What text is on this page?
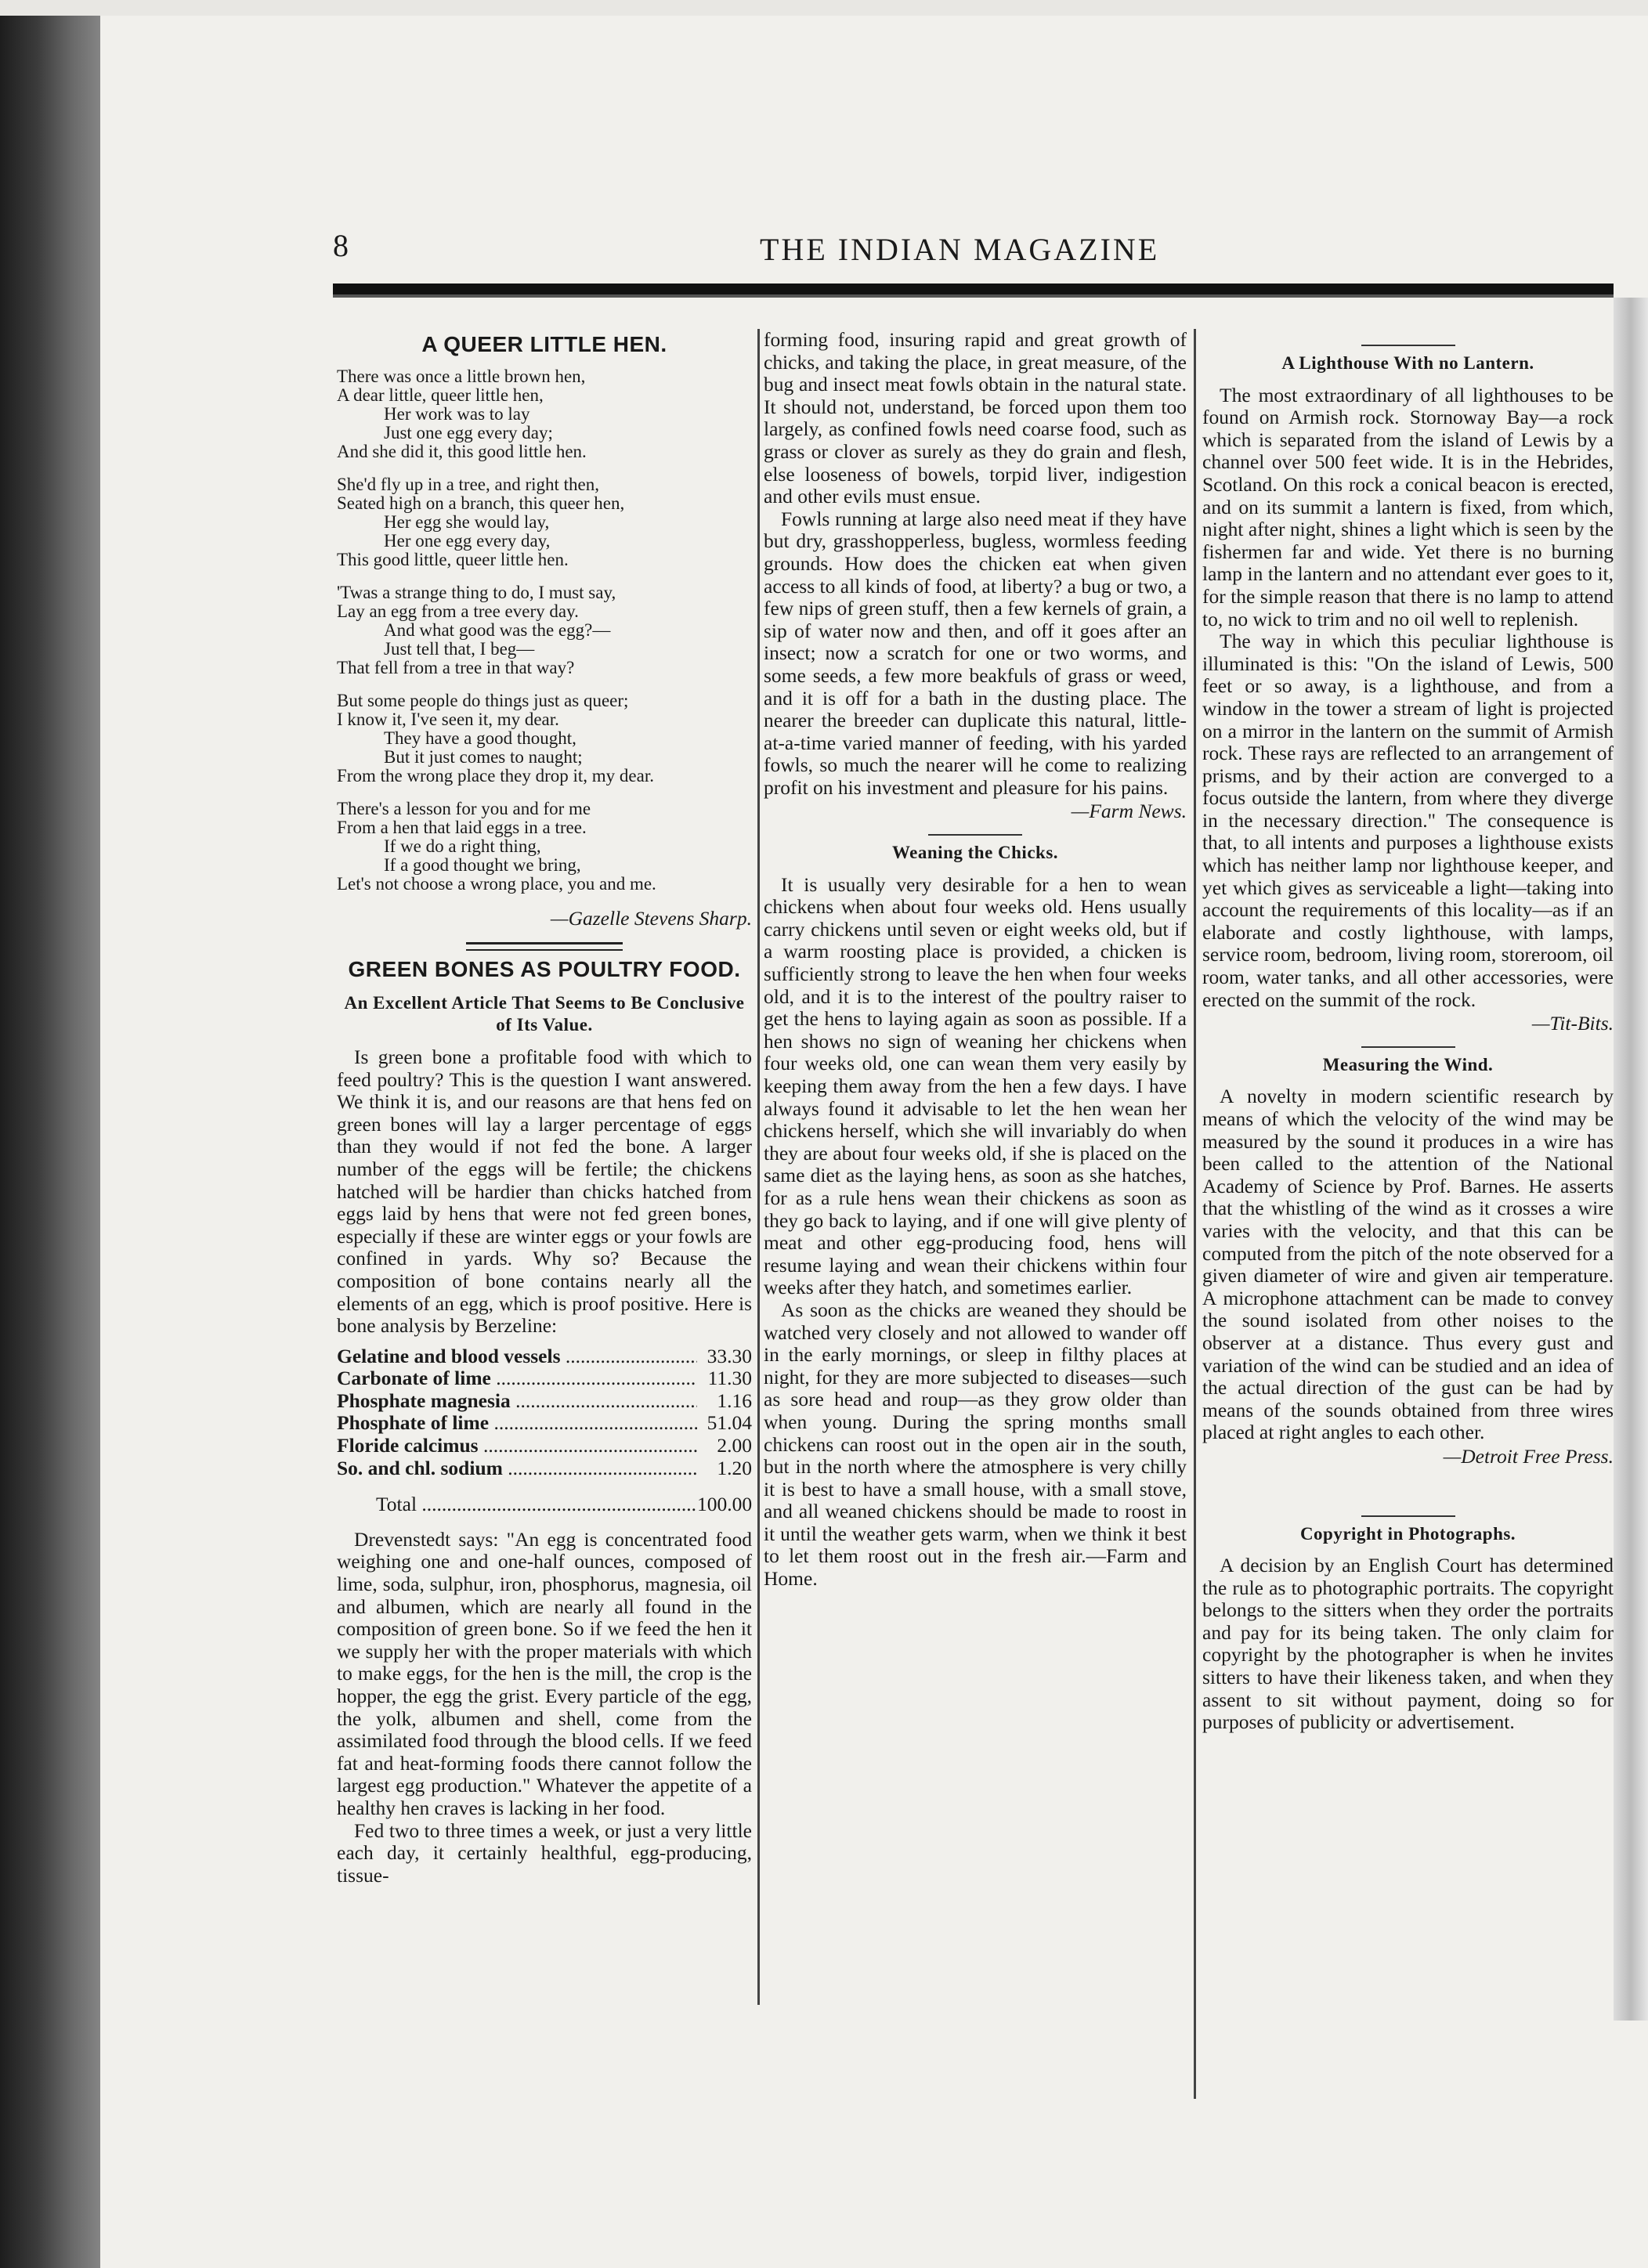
8	THE INDIAN MAGAZINE
A QUEER LITTLE HEN.
There was once a little brown hen,
A dear little, queer little hen,
Her work was to lay
Just one egg every day;
And she did it, this good little hen.
She'd fly up in a tree, and right then,
Seated high on a branch, this queer hen,
Her egg she would lay,
Her one egg every day,
This good little, queer little hen.
'Twas a strange thing to do, I must say,
Lay an egg from a tree every day.
And what good was the egg?—
Just tell that, I beg—
That fell from a tree in that way?
But some people do things just as queer;
I know it, I've seen it, my dear.
They have a good thought,
But it just comes to naught;
From the wrong place they drop it, my dear.
There's a lesson for you and for me
From a hen that laid eggs in a tree.
If we do a right thing,
If a good thought we bring,
Let's not choose a wrong place, you and me.
—Gazelle Stevens Sharp.
GREEN BONES AS POULTRY FOOD.
An Excellent Article That Seems to Be Conclusive of Its Value.

Is green bone a profitable food with which to feed poultry? This is the question I want answered. We think it is, and our reasons are that hens fed on green bones will lay a larger percentage of eggs than they would if not fed the bone. A larger number of the eggs will be fertile; the chickens hatched will be hardier than chicks hatched from eggs laid by hens that were not fed green bones, especially if these are winter eggs or your fowls are confined in yards. Why so? Because the composition of bone contains nearly all the elements of an egg, which is proof positive. Here is bone analysis by Berzeline:

Gelatine and blood vessels .....	33.30
Carbonate of lime .....	11.30
Phosphate magnesia .....	1.16
Phosphate of lime .....	51.04
Floride calcimus .....	2.00
So. and chl. sodium .....	1.20
Total .....	100.00

Drevenstedt says: "An egg is concentrated food weighing one and one-half ounces, composed of lime, soda, sulphur, iron, phosphorus, magnesia, oil and albumen, which are nearly all found in the composition of green bone. So if we feed the hen it we supply her with the proper materials with which to make eggs, for the hen is the mill, the crop is the hopper, the egg the grist. Every particle of the egg, the yolk, albumen and shell, come from the assimilated food through the blood cells. If we feed fat and heat-forming foods there cannot follow the largest egg production." Whatever the appetite of a healthy hen craves is lacking in her food.

Fed two to three times a week, or just a very little each day, it certainly healthful, egg-producing, tissue-

forming food, insuring rapid and great growth of chicks, and taking the place, in great measure, of the bug and insect meat fowls obtain in the natural state. It should not, understand, be forced upon them too largely, as confined fowls need coarse food, such as grass or clover as surely as they do grain and flesh, else looseness of bowels, torpid liver, indigestion and other evils must ensue.

Fowls running at large also need meat if they have but dry, grasshopperless, bugless, wormless feeding grounds. How does the chicken eat when given access to all kinds of food, at liberty? a bug or two, a few nips of green stuff, then a few kernels of grain, a sip of water now and then, and off it goes after an insect; now a scratch for one or two worms, and some seeds, a few more beakfuls of grass or weed, and it is off for a bath in the dusting place. The nearer the breeder can duplicate this natural, little-at-a-time varied manner of feeding, with his yarded fowls, so much the nearer will he come to realizing profit on his investment and pleasure for his pains.

—Farm News.
Weaning the Chicks.

It is usually very desirable for a hen to wean chickens when about four weeks old. Hens usually carry chickens until seven or eight weeks old, but if a warm roosting place is provided, a chicken is sufficiently strong to leave the hen when four weeks old, and it is to the interest of the poultry raiser to get the hens to laying again as soon as possible. If a hen shows no sign of weaning her chickens when four weeks old, one can wean them very easily by keeping them away from the hen a few days. I have always found it advisable to let the hen wean her chickens herself, which she will invariably do when they are about four weeks old, if she is placed on the same diet as the laying hens, as soon as she hatches, for as a rule hens wean their chickens as soon as they go back to laying, and if one will give plenty of meat and other egg-producing food, hens will resume laying and wean their chickens within four weeks after they hatch, and sometimes earlier.

As soon as the chicks are weaned they should be watched very closely and not allowed to wander off in the early mornings, or sleep in filthy places at night, for they are more subjected to diseases—such as sore head and roup—as they grow older than when young. During the spring months small chickens can roost out in the open air in the south, but in the north where the atmosphere is very chilly it is best to have a small house, with a small stove, and all weaned chickens should be made to roost in it until the weather gets warm, when we think it best to let them roost out in the fresh air.—Farm and Home.

A Lighthouse With no Lantern.

The most extraordinary of all lighthouses to be found on Armish rock. Stornoway Bay—a rock which is separated from the island of Lewis by a channel over 500 feet wide. It is in the Hebrides, Scotland. On this rock a conical beacon is erected, and on its summit a lantern is fixed, from which, night after night, shines a light which is seen by the fishermen far and wide. Yet there is no burning lamp in the lantern and no attendant ever goes to it, for the simple reason that there is no lamp to attend to, no wick to trim and no oil well to replenish.

The way in which this peculiar lighthouse is illuminated is this: "On the island of Lewis, 500 feet or so away, is a lighthouse, and from a window in the tower a stream of light is projected on a mirror in the lantern on the summit of Armish rock. These rays are reflected to an arrangement of prisms, and by their action are converged to a focus outside the lantern, from where they diverge in the necessary direction." The consequence is that, to all intents and purposes a lighthouse exists which has neither lamp nor lighthouse keeper, and yet which gives as serviceable a light—taking into account the requirements of this locality—as if an elaborate and costly lighthouse, with lamps, service room, bedroom, living room, storeroom, oil room, water tanks, and all other accessories, were erected on the summit of the rock.

—Tit-Bits.
Measuring the Wind.

A novelty in modern scientific research by means of which the velocity of the wind may be measured by the sound it produces in a wire has been called to the attention of the National Academy of Science by Prof. Barnes. He asserts that the whistling of the wind as it crosses a wire varies with the velocity, and that this can be computed from the pitch of the note observed for a given diameter of wire and given air temperature. A microphone attachment can be made to convey the sound isolated from other noises to the observer at a distance. Thus every gust and variation of the wind can be studied and an idea of the actual direction of the gust can be had by means of the sounds obtained from three wires placed at right angles to each other.

—Detroit Free Press.
Copyright in Photographs.

A decision by an English Court has determined the rule as to photographic portraits. The copyright belongs to the sitters when they order the portraits and pay for its being taken. The only claim for copyright by the photographer is when he invites sitters to have their likeness taken, and when they assent to sit without payment, doing so for purposes of publicity or advertisement.
